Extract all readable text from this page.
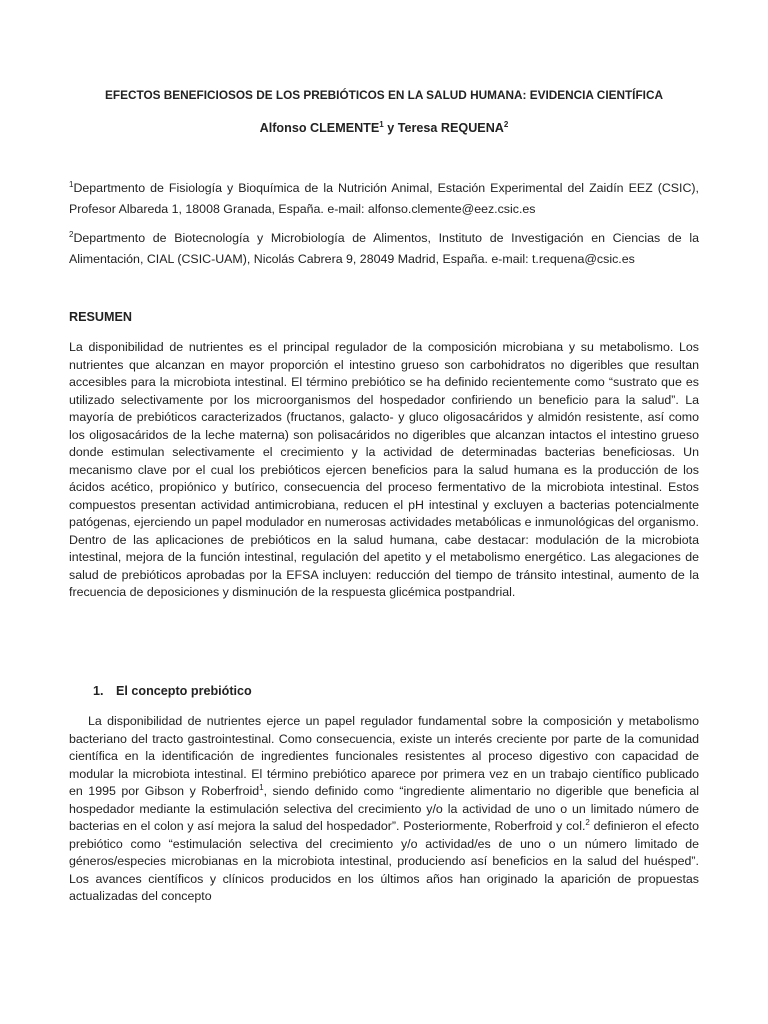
EFECTOS BENEFICIOSOS DE LOS PREBIÓTICOS EN LA SALUD HUMANA: EVIDENCIA CIENTÍFICA
Alfonso CLEMENTE$^1$ y Teresa REQUENA$^2$
$^1$Departmento de Fisiología y Bioquímica de la Nutrición Animal, Estación Experimental del Zaidín EEZ (CSIC), Profesor Albareda 1, 18008 Granada, España. e-mail: alfonso.clemente@eez.csic.es
$^2$Departmento de Biotecnología y Microbiología de Alimentos, Instituto de Investigación en Ciencias de la Alimentación, CIAL (CSIC-UAM), Nicolás Cabrera 9, 28049 Madrid, España. e-mail: t.requena@csic.es
RESUMEN
La disponibilidad de nutrientes es el principal regulador de la composición microbiana y su metabolismo. Los nutrientes que alcanzan en mayor proporción el intestino grueso son carbohidratos no digeribles que resultan accesibles para la microbiota intestinal. El término prebiótico se ha definido recientemente como “sustrato que es utilizado selectivamente por los microorganismos del hospedador confiriendo un beneficio para la salud”. La mayoría de prebióticos caracterizados (fructanos, galacto- y gluco oligosacáridos y almidón resistente, así como los oligosacáridos de la leche materna) son polisacáridos no digeribles que alcanzan intactos el intestino grueso donde estimulan selectivamente el crecimiento y la actividad de determinadas bacterias beneficiosas. Un mecanismo clave por el cual los prebióticos ejercen beneficios para la salud humana es la producción de los ácidos acético, propiónico y butírico, consecuencia del proceso fermentativo de la microbiota intestinal. Estos compuestos presentan actividad antimicrobiana, reducen el pH intestinal y excluyen a bacterias potencialmente patógenas, ejerciendo un papel modulador en numerosas actividades metabólicas e inmunológicas del organismo. Dentro de las aplicaciones de prebióticos en la salud humana, cabe destacar: modulación de la microbiota intestinal, mejora de la función intestinal, regulación del apetito y el metabolismo energético. Las alegaciones de salud de prebióticos aprobadas por la EFSA incluyen: reducción del tiempo de tránsito intestinal, aumento de la frecuencia de deposiciones y disminución de la respuesta glicémica postpandrial.
1. El concepto prebiótico
La disponibilidad de nutrientes ejerce un papel regulador fundamental sobre la composición y metabolismo bacteriano del tracto gastrointestinal. Como consecuencia, existe un interés creciente por parte de la comunidad científica en la identificación de ingredientes funcionales resistentes al proceso digestivo con capacidad de modular la microbiota intestinal. El término prebiótico aparece por primera vez en un trabajo científico publicado en 1995 por Gibson y Roberfroid$^1$, siendo definido como “ingrediente alimentario no digerible que beneficia al hospedador mediante la estimulación selectiva del crecimiento y/o la actividad de uno o un limitado número de bacterias en el colon y así mejora la salud del hospedador”. Posteriormente, Roberfroid y col.$^2$ definieron el efecto prebiótico como “estimulación selectiva del crecimiento y/o actividad/es de uno o un número limitado de géneros/especies microbianas en la microbiota intestinal, produciendo así beneficios en la salud del huésped”. Los avances científicos y clínicos producidos en los últimos años han originado la aparición de propuestas actualizadas del concepto
